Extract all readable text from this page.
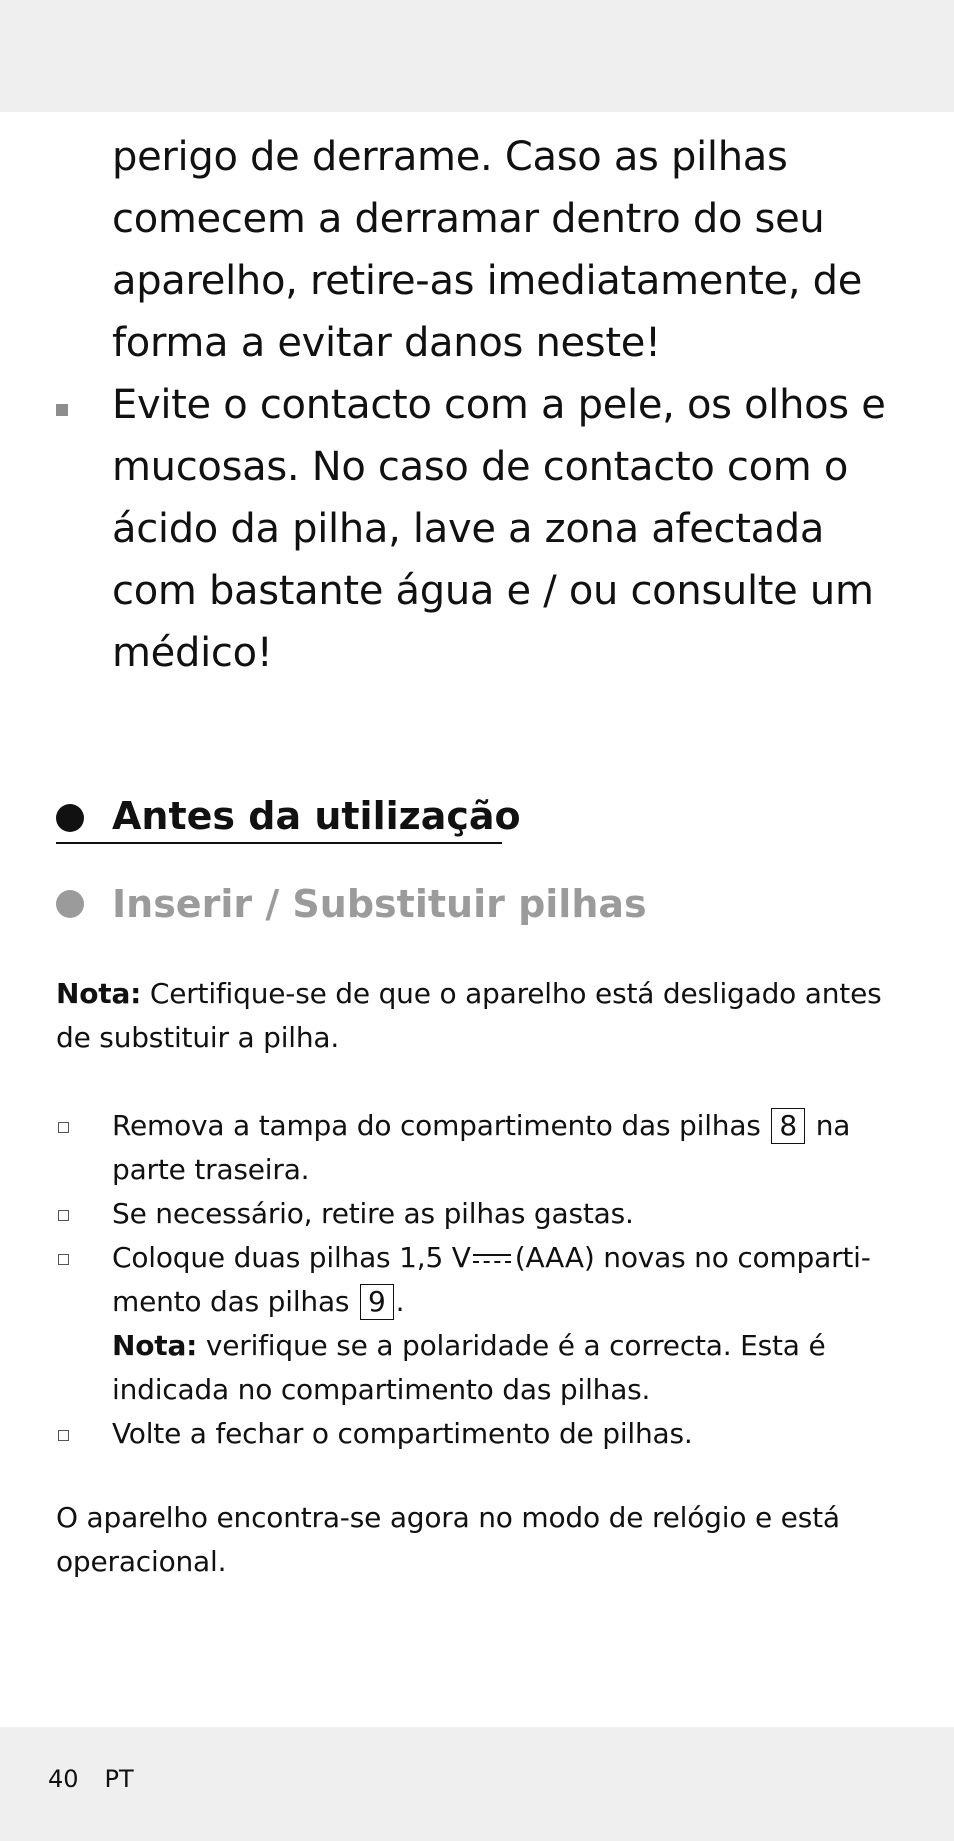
perigo de derrame. Caso as pilhas

comecem a derramar dentro do seu

aparelho, retire-as imediatamente, de

forma a evitar danos neste!

Evite o contacto com a pele, os olhos e

mucosas. No caso de contacto com o

ácido da pilha, lave a zona afectada

com bastante água e / ou consulte um

médico!

Antes da utilização
Inserir / Substituir pilhas

Nota: Certifique-se de que o aparelho está desligado antes

de substituir a pilha.

Remova a tampa do compartimento das pilhas 8 na

parte traseira.

Se necessário, retire as pilhas gastas.

Coloque duas pilhas 1,5 V (AAA) novas no comparti-

mento das pilhas 9 .

Nota: verifique se a polaridade é a correcta. Esta é

indicada no compartimento das pilhas.

Volte a fechar o compartimento de pilhas.

O aparelho encontra-se agora no modo de relógio e está

operacional.

40 PT
